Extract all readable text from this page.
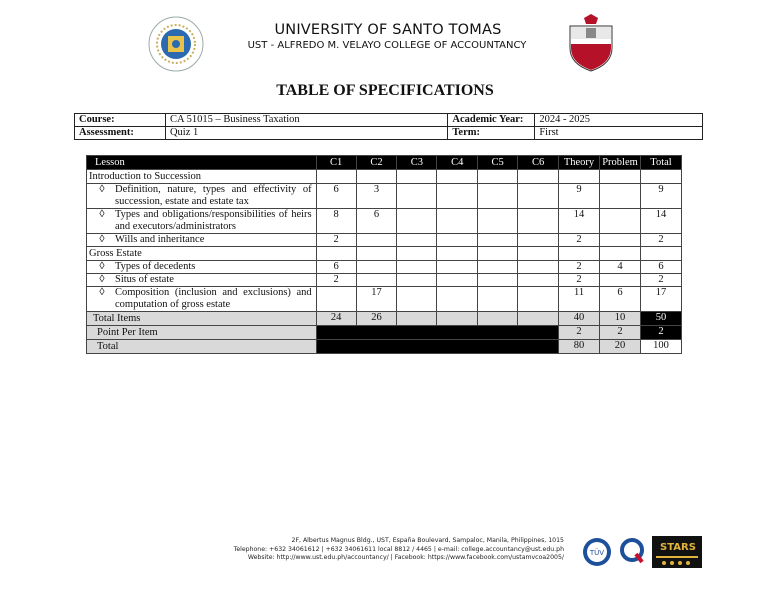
UNIVERSITY OF SANTO TOMAS
UST - ALFREDO M. VELAYO COLLEGE OF ACCOUNTANCY
TABLE OF SPECIFICATIONS
Course:	CA 51015 – Business Taxation	Academic Year:	2024 - 2025
Assessment:	Quiz 1	Term:	First
Lesson	C1	C2	C3	C4	C5	C6	Theory	Problem	Total
Introduction to Succession									

◊ Definition, nature, types and effectivity of succession, estate and estate tax	6	3					9		9

◊ Types and obligations/responsibilities of heirs and executors/administrators	8	6					14		14

◊ Wills and inheritance	2						2		2
Gross Estate									

◊ Types of decedents	6						2	4	6

◊ Situs of estate	2						2		2

◊ Composition (inclusion and exclusions) and computation of gross estate		17					11	6	17
Total Items	24	26					40	10	50
Point Per Item							2	2	2
Total							80	20	100
2F, Albertus Magnus Bldg., UST, España Boulevard, Sampaloc, Manila, Philippines, 1015
Telephone: +632 34061612 | +632 34061611 local 8812 / 4465 | e-mail: college.accountancy@ust.edu.ph
Website: http://www.ust.edu.ph/accountancy/ | Facebook: https://www.facebook.com/ustamvcoa2005/
TÜV	STARS
